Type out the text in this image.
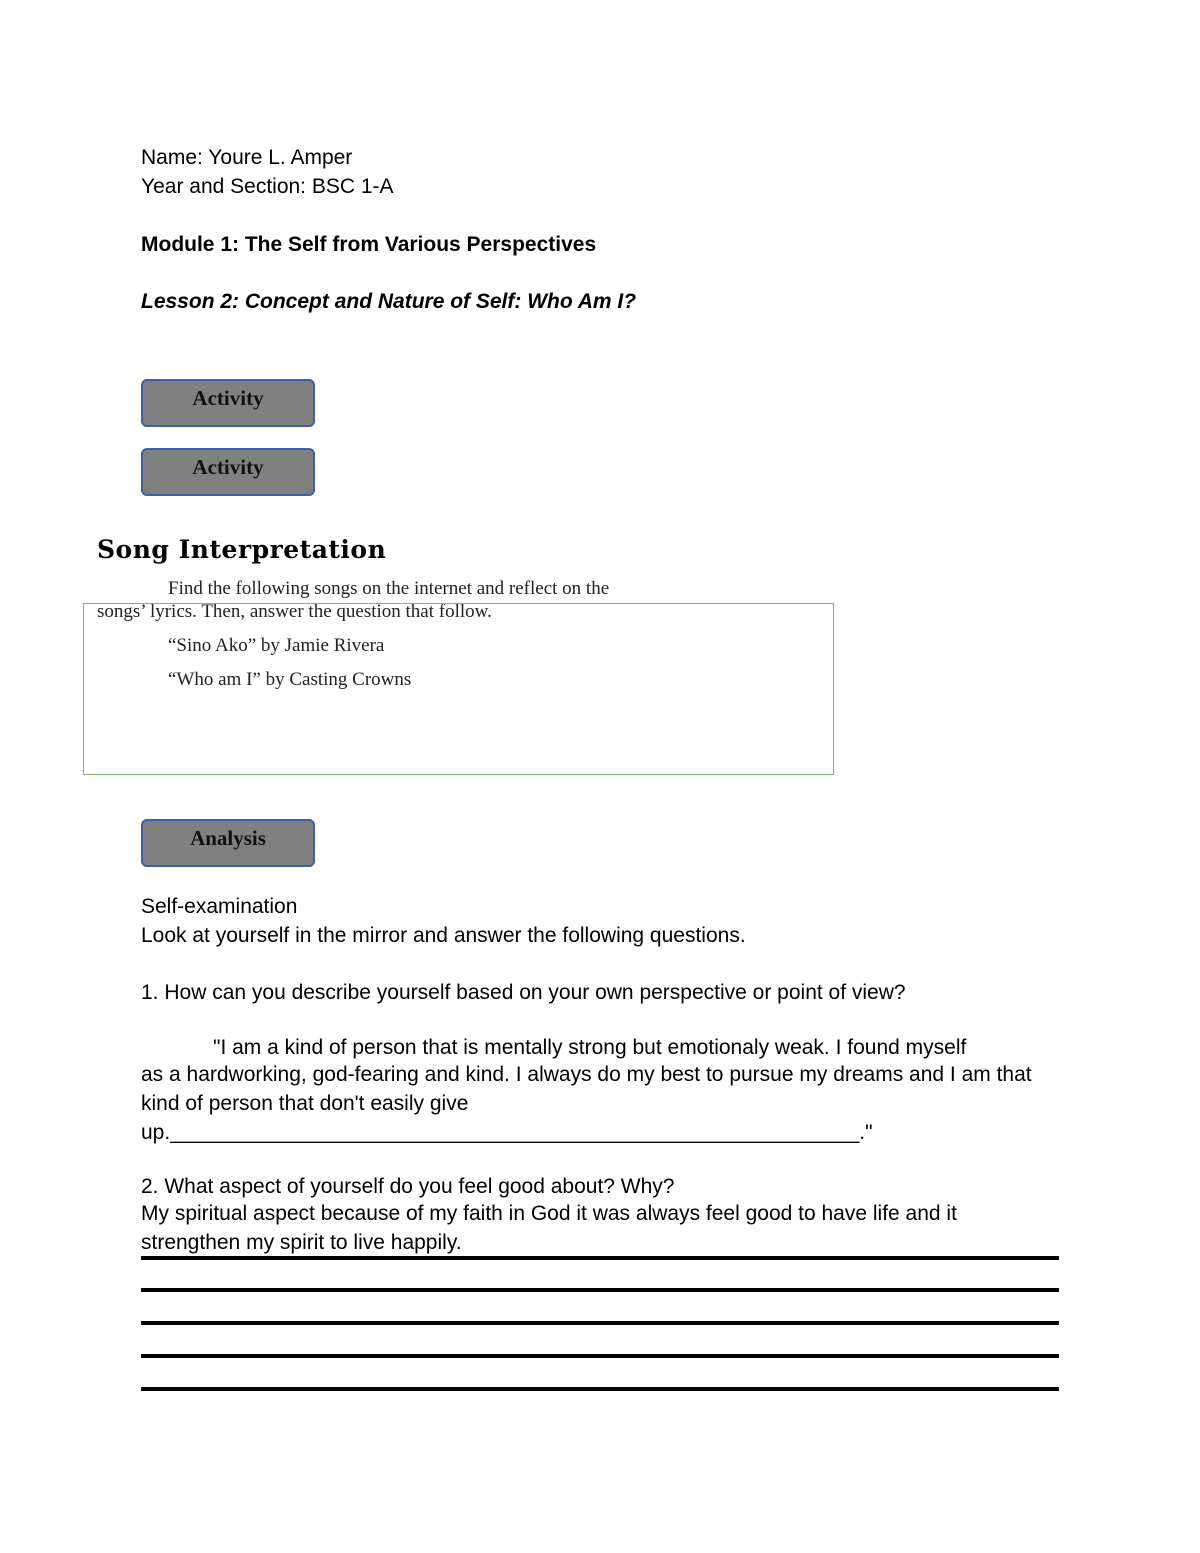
Name: Youre L. Amper
Year and Section: BSC 1-A
Module 1: The Self from Various Perspectives
Lesson 2: Concept and Nature of Self: Who Am I?
Activity
Activity
Song Interpretation
Find the following songs on the internet and reflect on the
songs’ lyrics. Then, answer the question that follow.
“Sino Ako” by Jamie Rivera
“Who am I” by Casting Crowns
Analysis
Self-examination
Look at yourself in the mirror and answer the following questions.
1. How can you describe yourself based on your own perspective or point of view?
"I am a kind of person that is mentally strong but emotionaly weak. I found myself
as a hardworking, god-fearing and kind. I always do my best to pursue my dreams and I am that kind of person that don't easily give
up.___________________________________________________________."
2. What aspect of yourself do you feel good about? Why?
My spiritual aspect because of my faith in God it was always feel good to have life and it strengthen my spirit to live happily.
